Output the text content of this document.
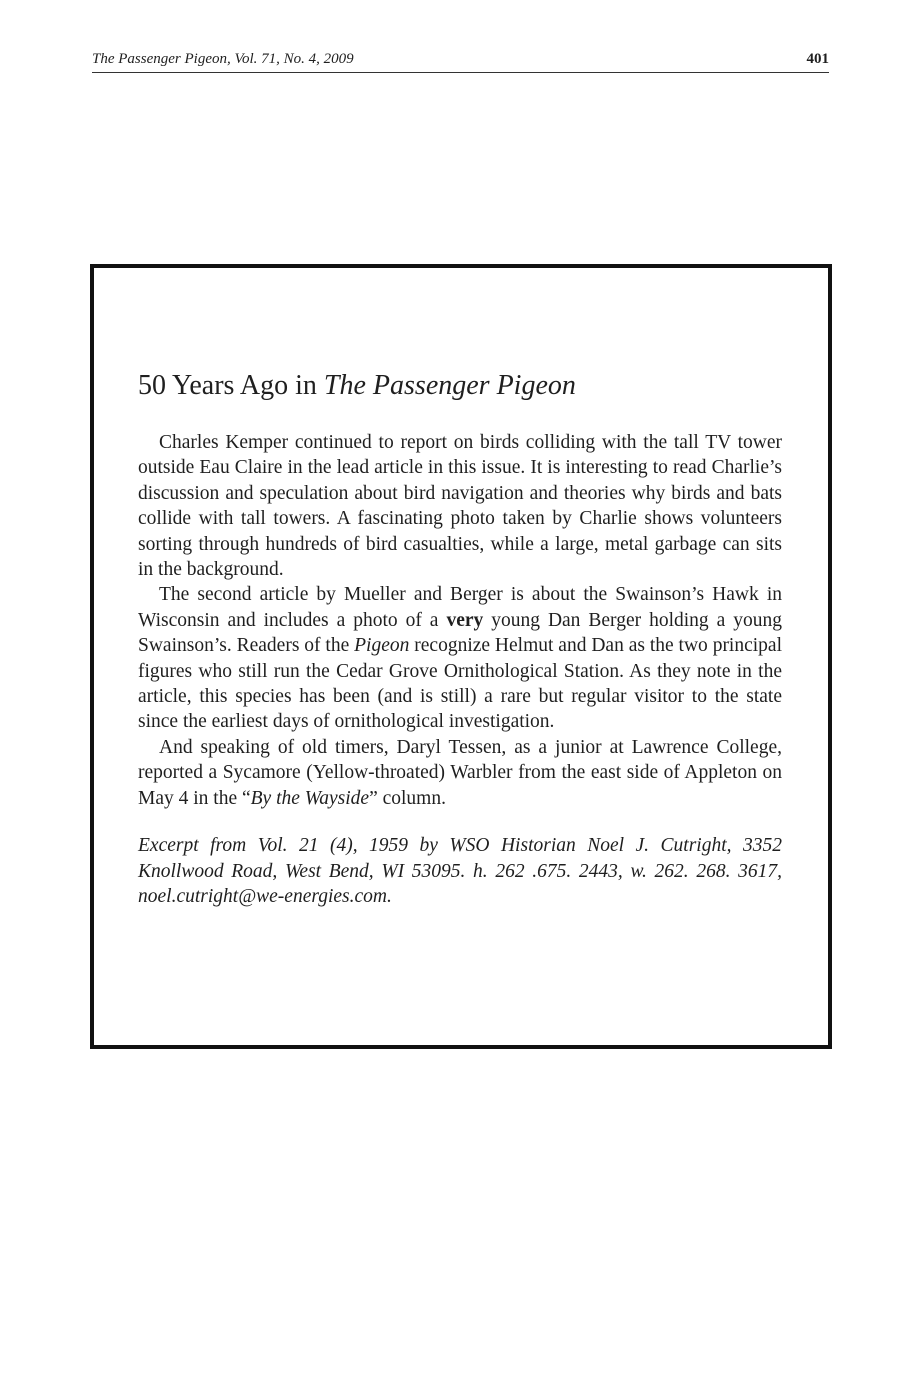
The Passenger Pigeon, Vol. 71, No. 4, 2009	401
50 Years Ago in The Passenger Pigeon

Charles Kemper continued to report on birds colliding with the tall TV tower outside Eau Claire in the lead article in this issue. It is interesting to read Charlie’s discussion and speculation about bird navigation and theories why birds and bats collide with tall towers. A fascinating photo taken by Charlie shows volunteers sorting through hundreds of bird casualties, while a large, metal garbage can sits in the background.

The second article by Mueller and Berger is about the Swainson’s Hawk in Wisconsin and includes a photo of a very young Dan Berger holding a young Swainson’s. Readers of the Pigeon recognize Helmut and Dan as the two principal figures who still run the Cedar Grove Ornithological Station. As they note in the article, this species has been (and is still) a rare but regular visitor to the state since the earliest days of ornithological investigation.

And speaking of old timers, Daryl Tessen, as a junior at Lawrence College, reported a Sycamore (Yellow-throated) Warbler from the east side of Appleton on May 4 in the “By the Wayside” column.

Excerpt from Vol. 21 (4), 1959 by WSO Historian Noel J. Cutright, 3352 Knollwood Road, West Bend, WI 53095. h. 262 .675. 2443, w. 262. 268. 3617, noel.cutright@we-energies.com.
